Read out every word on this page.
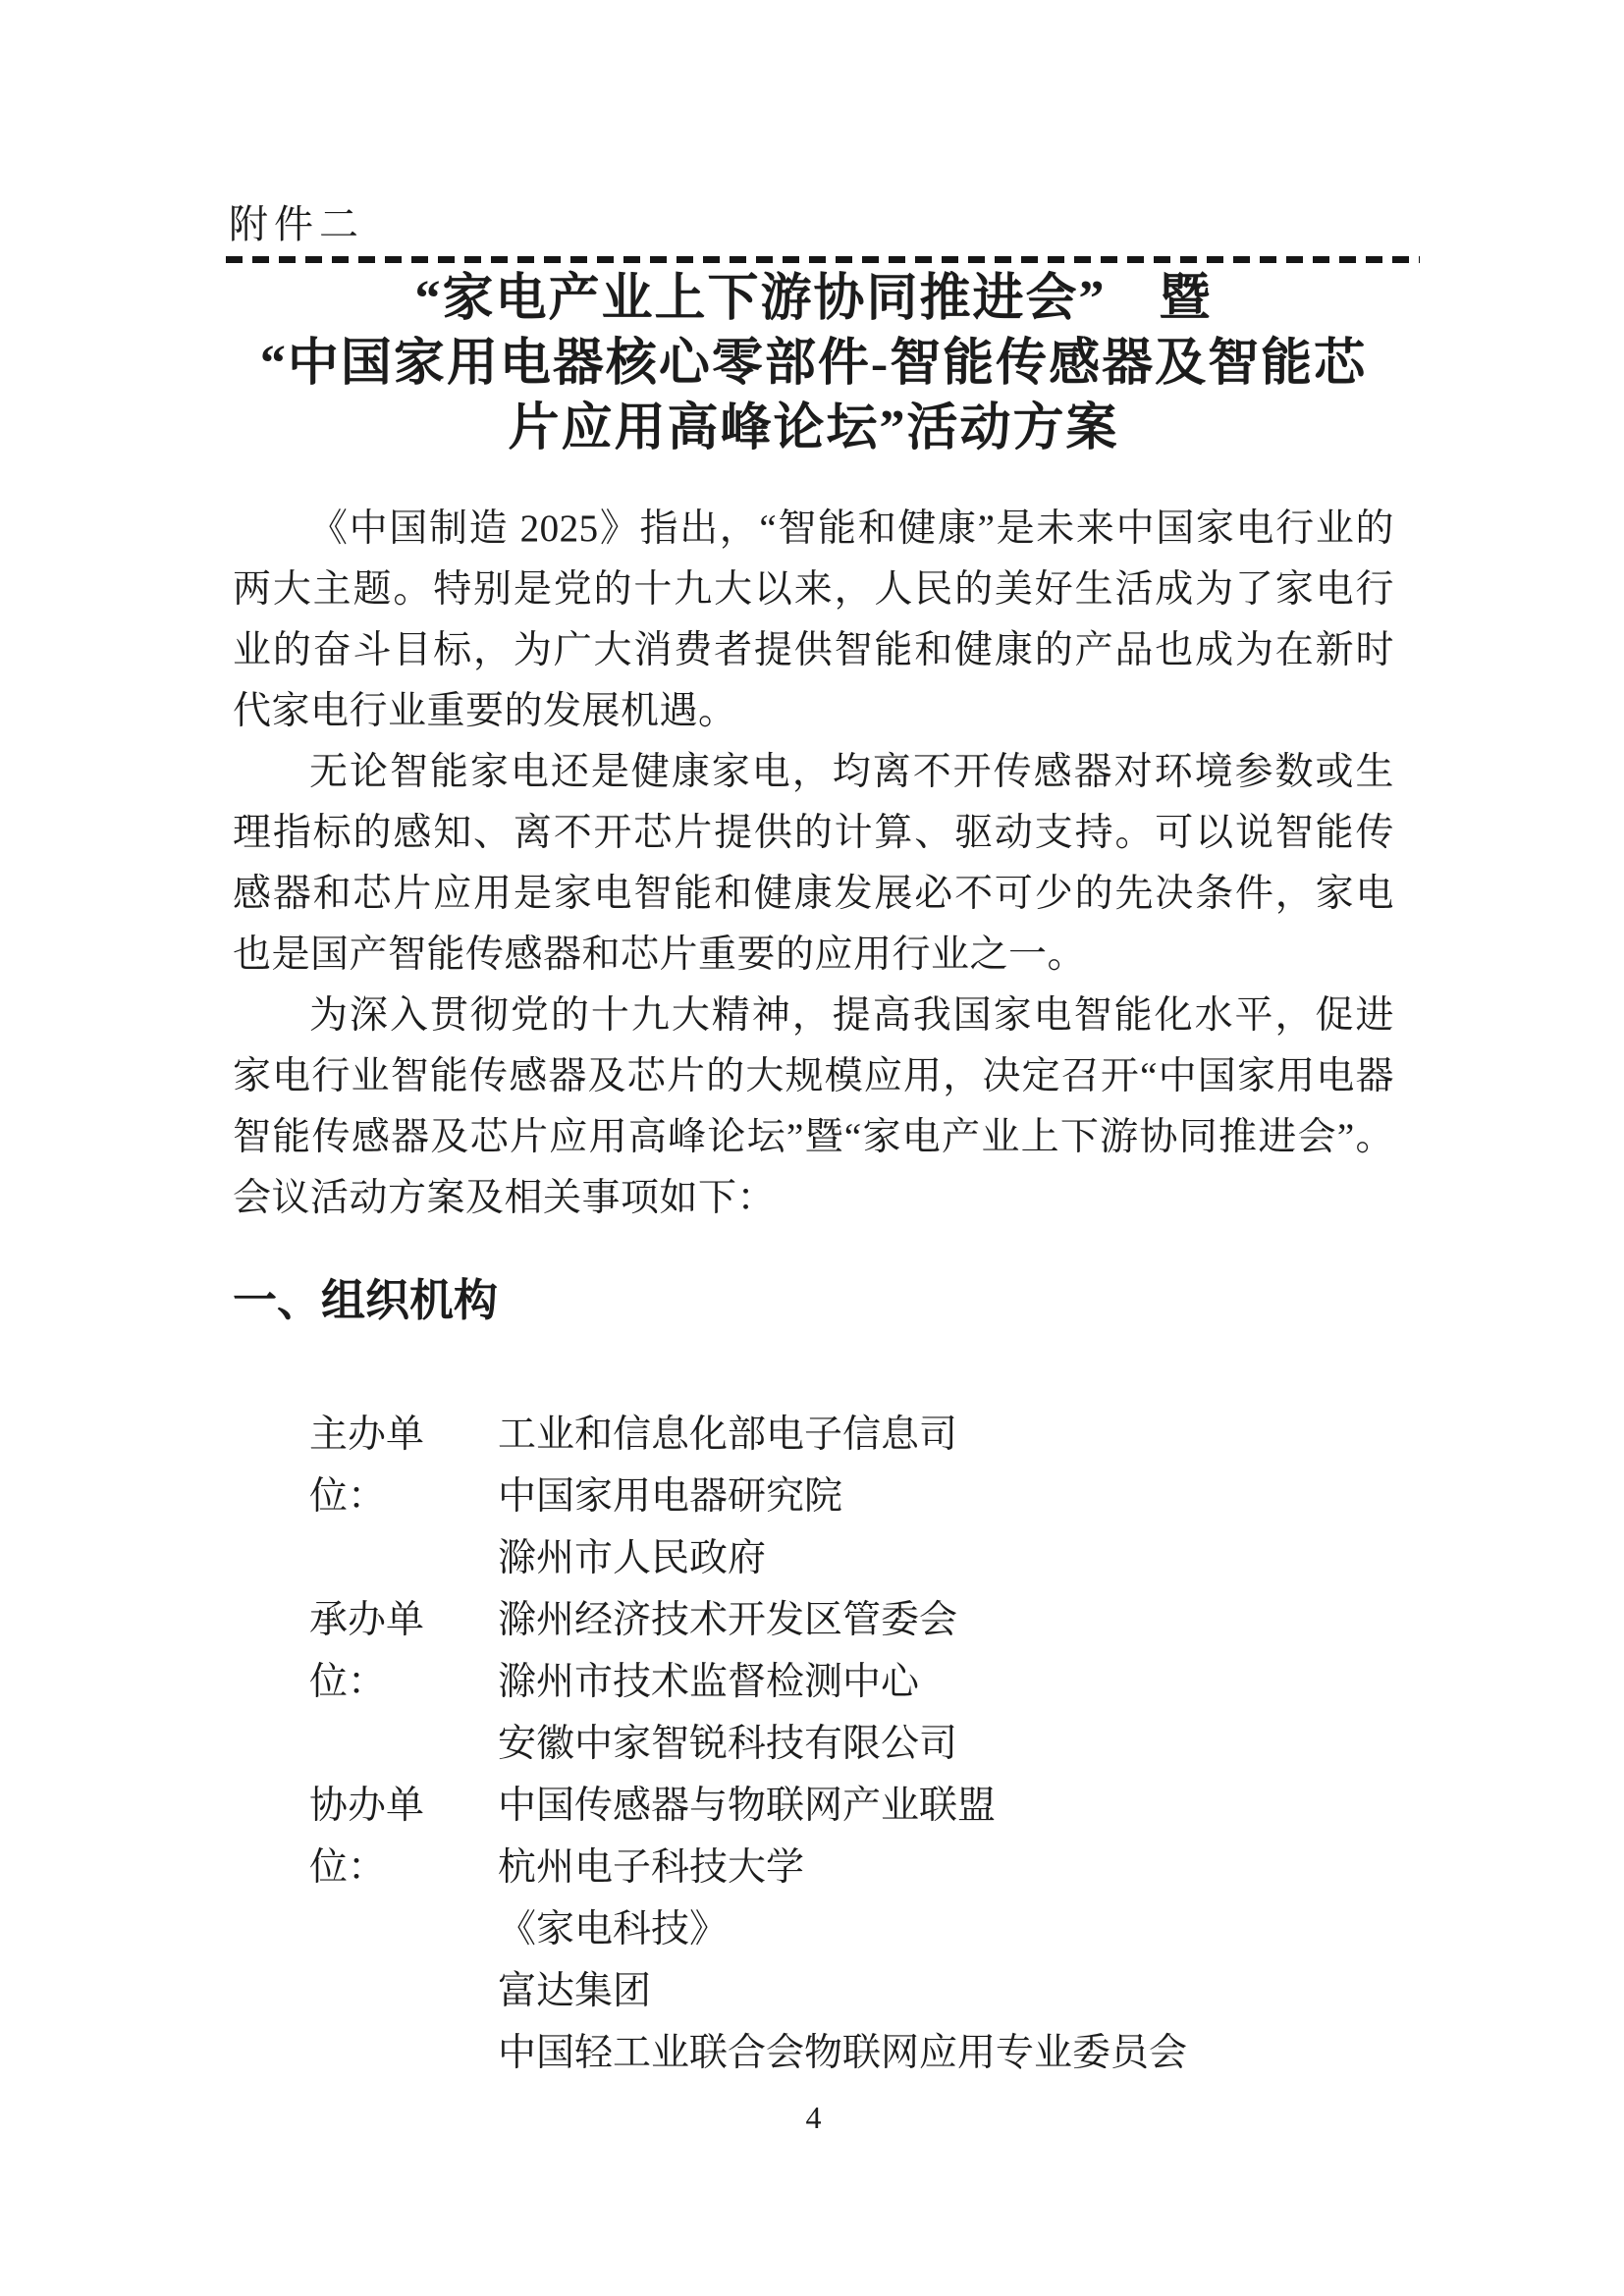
附件二
“家电产业上下游协同推进会”　暨
“中国家用电器核心零部件-智能传感器及智能芯
片应用高峰论坛”活动方案

《中国制造 2025》指出，“智能和健康”是未来中国家电行业的两大主题。特别是党的十九大以来，人民的美好生活成为了家电行业的奋斗目标，为广大消费者提供智能和健康的产品也成为在新时代家电行业重要的发展机遇。

无论智能家电还是健康家电，均离不开传感器对环境参数或生理指标的感知、离不开芯片提供的计算、驱动支持。可以说智能传感器和芯片应用是家电智能和健康发展必不可少的先决条件，家电也是国产智能传感器和芯片重要的应用行业之一。

为深入贯彻党的十九大精神，提高我国家电智能化水平，促进家电行业智能传感器及芯片的大规模应用，决定召开“中国家用电器智能传感器及芯片应用高峰论坛”暨“家电产业上下游协同推进会”。会议活动方案及相关事项如下：

一、组织机构
主办单位：
工业和信息化部电子信息司
中国家用电器研究院
滁州市人民政府
承办单位：
滁州经济技术开发区管委会
滁州市技术监督检测中心
安徽中家智锐科技有限公司
协办单位：
中国传感器与物联网产业联盟
杭州电子科技大学
《家电科技》
富达集团
中国轻工业联合会物联网应用专业委员会
4
